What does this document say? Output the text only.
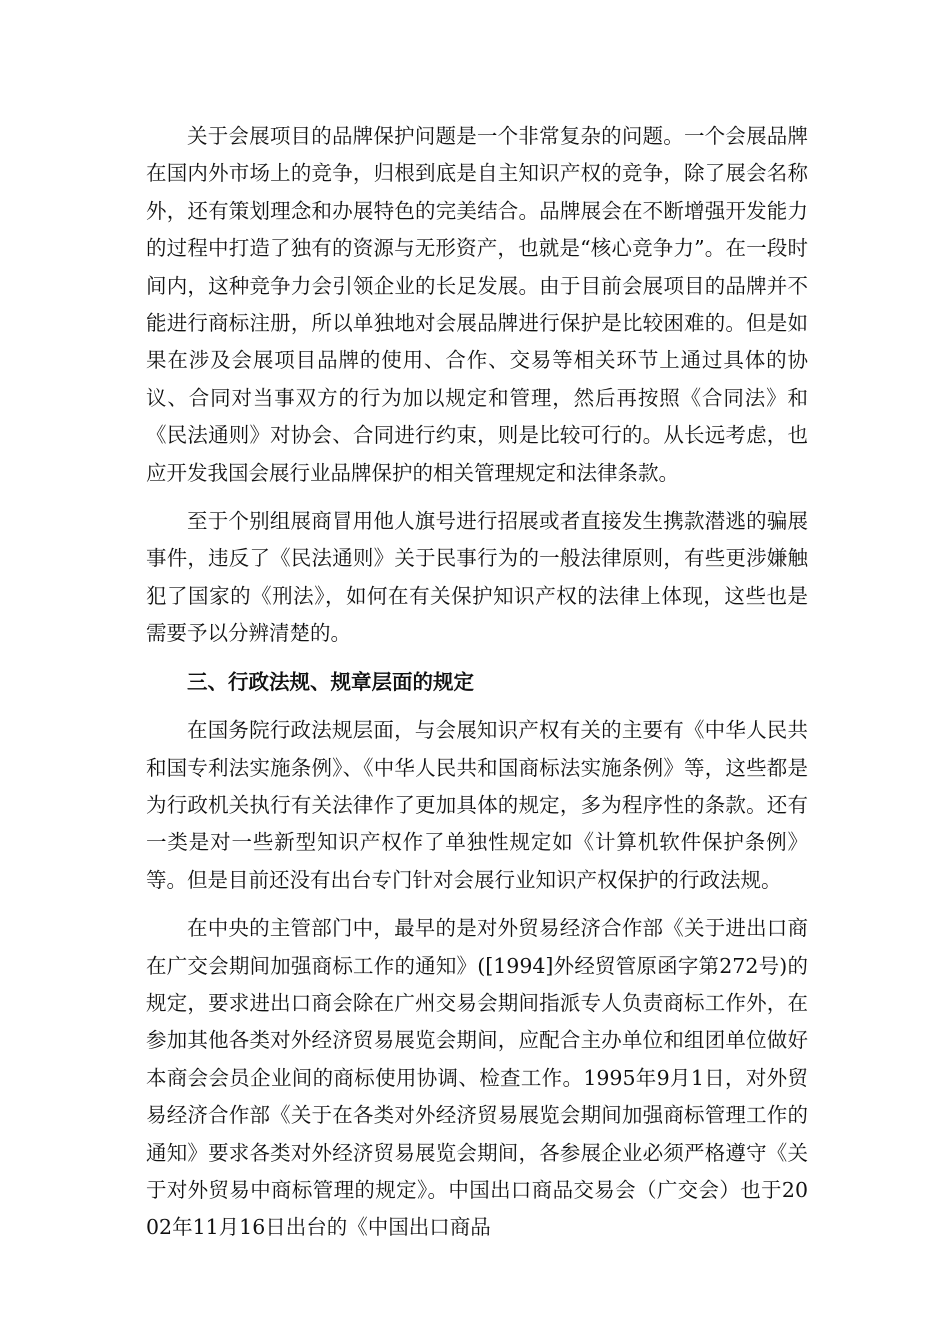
关于会展项目的品牌保护问题是一个非常复杂的问题。一个会展品牌在国内外市场上的竞争，归根到底是自主知识产权的竞争，除了展会名称外，还有策划理念和办展特色的完美结合。品牌展会在不断增强开发能力的过程中打造了独有的资源与无形资产，也就是“核心竞争力”。在一段时间内，这种竞争力会引领企业的长足发展。由于目前会展项目的品牌并不能进行商标注册，所以单独地对会展品牌进行保护是比较困难的。但是如果在涉及会展项目品牌的使用、合作、交易等相关环节上通过具体的协议、合同对当事双方的行为加以规定和管理，然后再按照《合同法》和《民法通则》对协会、合同进行约束，则是比较可行的。从长远考虑，也应开发我国会展行业品牌保护的相关管理规定和法律条款。

至于个别组展商冒用他人旗号进行招展或者直接发生携款潜逃的骗展事件，违反了《民法通则》关于民事行为的一般法律原则，有些更涉嫌触犯了国家的《刑法》，如何在有关保护知识产权的法律上体现，这些也是需要予以分辨清楚的。

三、行政法规、规章层面的规定

在国务院行政法规层面，与会展知识产权有关的主要有《中华人民共和国专利法实施条例》、《中华人民共和国商标法实施条例》等，这些都是为行政机关执行有关法律作了更加具体的规定，多为程序性的条款。还有一类是对一些新型知识产权作了单独性规定如《计算机软件保护条例》等。但是目前还没有出台专门针对会展行业知识产权保护的行政法规。

在中央的主管部门中，最早的是对外贸易经济合作部《关于进出口商在广交会期间加强商标工作的通知》([1994]外经贸管原函字第272号)的规定，要求进出口商会除在广州交易会期间指派专人负责商标工作外，在参加其他各类对外经济贸易展览会期间，应配合主办单位和组团单位做好本商会会员企业间的商标使用协调、检查工作。1995年9月1日，对外贸易经济合作部《关于在各类对外经济贸易展览会期间加强商标管理工作的通知》要求各类对外经济贸易展览会期间，各参展企业必须严格遵守《关于对外贸易中商标管理的规定》。中国出口商品交易会（广交会）也于2002年11月16日出台的《中国出口商品
